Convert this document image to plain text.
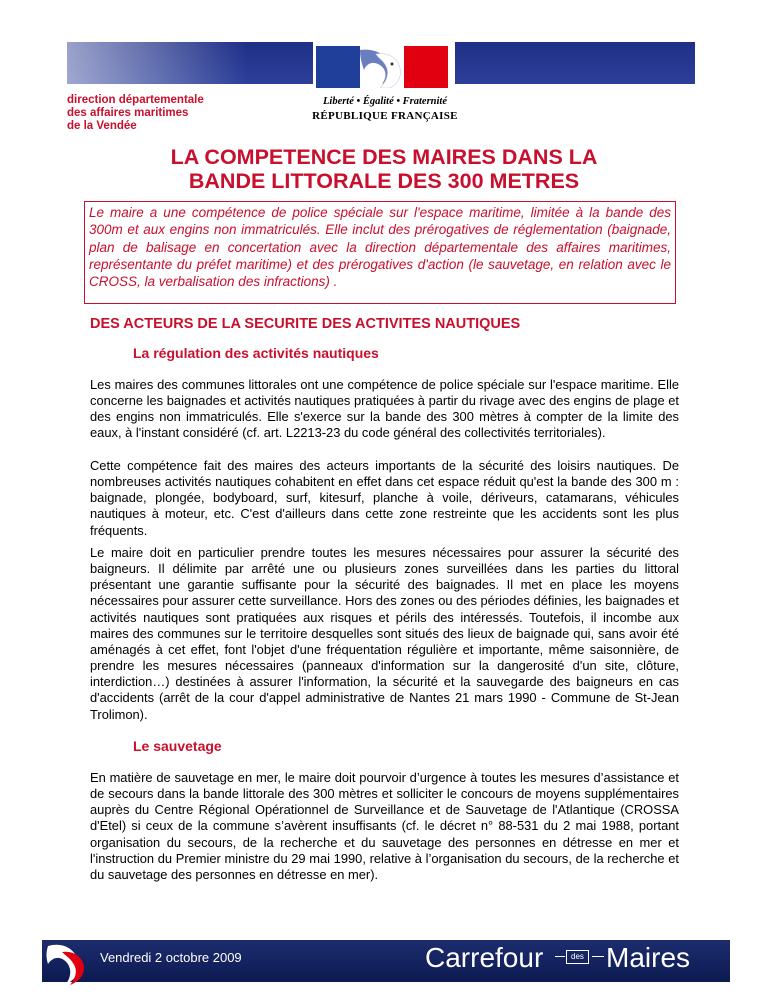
Liberté • Égalité • Fraternité
RÉPUBLIQUE FRANÇAISE
direction départementale
des affaires maritimes
de la Vendée
LA COMPETENCE DES MAIRES DANS LA
BANDE LITTORALE DES 300 METRES

Le maire a une compétence de police spéciale sur l'espace maritime, limitée à la bande des 300m et aux engins non immatriculés. Elle inclut des prérogatives de réglementation (baignade, plan de balisage en concertation avec la direction départementale des affaires maritimes, représentante du préfet maritime) et des prérogatives d'action (le sauvetage, en relation avec le CROSS, la verbalisation des infractions) .

DES ACTEURS DE LA SECURITE DES ACTIVITES NAUTIQUES
La régulation des activités nautiques

Les maires des communes littorales ont une compétence de police spéciale sur l'espace maritime. Elle concerne les baignades et activités nautiques pratiquées à partir du rivage avec des engins de plage et des engins non immatriculés. Elle s'exerce sur la bande des 300 mètres à compter de la limite des eaux, à l'instant considéré (cf. art. L2213-23 du code général des collectivités territoriales).

Cette compétence fait des maires des acteurs importants de la sécurité des loisirs nautiques. De nombreuses activités nautiques cohabitent en effet dans cet espace réduit qu'est la bande des 300 m : baignade, plongée, bodyboard, surf, kitesurf, planche à voile, dériveurs, catamarans, véhicules nautiques à moteur, etc. C'est d'ailleurs dans cette zone restreinte que les accidents sont les plus fréquents.

Le maire doit en particulier prendre toutes les mesures nécessaires pour assurer la sécurité des baigneurs. Il délimite par arrêté une ou plusieurs zones surveillées dans les parties du littoral présentant une garantie suffisante pour la sécurité des baignades. Il met en place les moyens nécessaires pour assurer cette surveillance. Hors des zones ou des périodes définies, les baignades et activités nautiques sont pratiquées aux risques et périls des intéressés. Toutefois, il incombe aux maires des communes sur le territoire desquelles sont situés des lieux de baignade qui, sans avoir été aménagés à cet effet, font l'objet d'une fréquentation régulière et importante, même saisonnière, de prendre les mesures nécessaires (panneaux d'information sur la dangerosité d'un site, clôture, interdiction…) destinées à assurer l'information, la sécurité et la sauvegarde des baigneurs en cas d'accidents (arrêt de la cour d'appel administrative de Nantes 21 mars 1990 - Commune de St-Jean Trolimon).

Le sauvetage

En matière de sauvetage en mer, le maire doit pourvoir d’urgence à toutes les mesures d’assistance et de secours dans la bande littorale des 300 mètres et solliciter le concours de moyens supplémentaires auprès du Centre Régional Opérationnel de Surveillance et de Sauvetage de l'Atlantique (CROSSA d'Etel) si ceux de la commune s’avèrent insuffisants (cf. le décret n° 88-531 du 2 mai 1988, portant organisation du secours, de la recherche et du sauvetage des personnes en détresse en mer et l'instruction du Premier ministre du 29 mai 1990, relative à l’organisation du secours, de la recherche et du sauvetage des personnes en détresse en mer).

Vendredi 2 octobre 2009	Carrefour	des Maires
